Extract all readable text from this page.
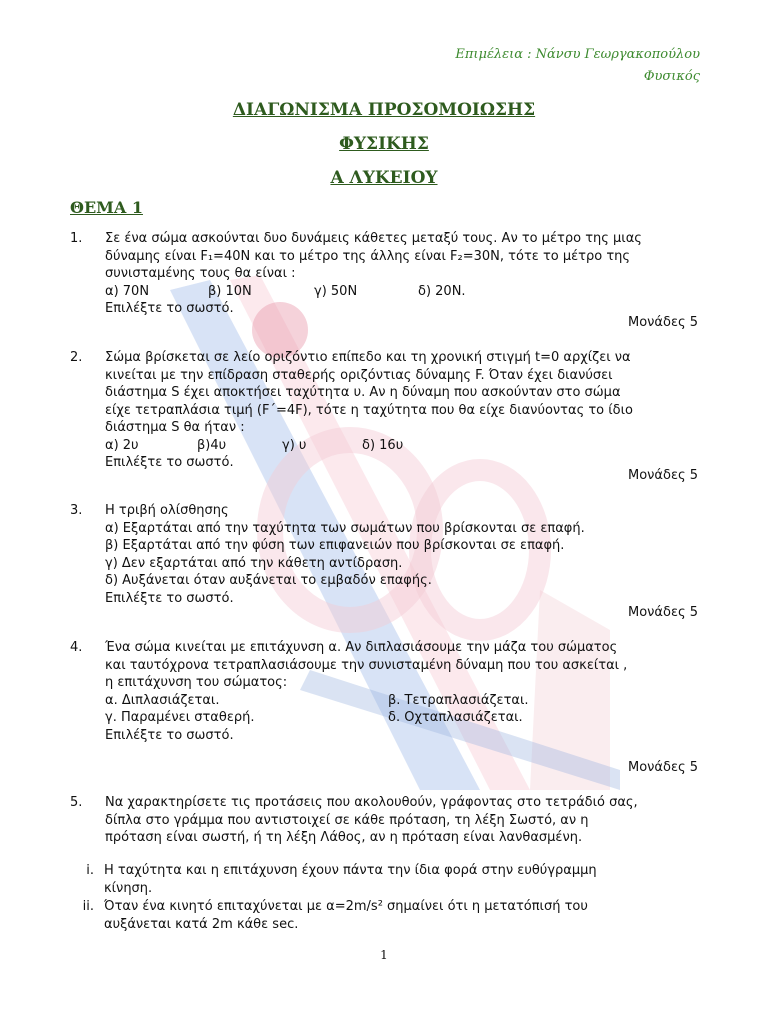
Επιμέλεια : Νάνσυ Γεωργακοπούλου
Φυσικός
ΔΙΑΓΩΝΙΣΜΑ ΠΡΟΣΟΜΟΙΩΣΗΣ
ΦΥΣΙΚΗΣ
Α ΛΥΚΕΙΟΥ
ΘΕΜΑ 1
1. Σε ένα σώμα ασκούνται δυο δυνάμεις κάθετες μεταξύ τους. Αν το μέτρο της μιας
δύναμης είναι F₁=40N και το μέτρο της άλλης είναι F₂=30N, τότε το μέτρο της
συνισταμένης τους θα είναι :
α) 70Ν	β) 10Ν	γ) 50Ν	δ) 20Ν.
Επιλέξτε το σωστό.
Μονάδες 5
2. Σώμα βρίσκεται σε λείο οριζόντιο επίπεδο και τη χρονική στιγμή t=0 αρχίζει να
κινείται με την επίδραση σταθερής οριζόντιας δύναμης F. Όταν έχει διανύσει
διάστημα S έχει αποκτήσει ταχύτητα υ. Αν η δύναμη που ασκούνταν στο σώμα
είχε τετραπλάσια τιμή (F΄=4F), τότε η ταχύτητα που θα είχε διανύοντας το ίδιο
διάστημα S θα ήταν :
α) 2υ	β)4υ	γ) υ	δ) 16υ
Επιλέξτε το σωστό.
Μονάδες 5
3. Η τριβή ολίσθησης
α) Εξαρτάται από την ταχύτητα των σωμάτων που βρίσκονται σε επαφή.
β) Εξαρτάται από την φύση των επιφανειών που βρίσκονται σε επαφή.
γ) Δεν εξαρτάται από την κάθετη αντίδραση.
δ) Αυξάνεται όταν αυξάνεται το εμβαδόν επαφής.
Επιλέξτε το σωστό.
Μονάδες 5
4. Ένα σώμα κινείται με επιτάχυνση α. Αν διπλασιάσουμε την μάζα του σώματος
και ταυτόχρονα τετραπλασιάσουμε την συνισταμένη δύναμη που του ασκείται ,
η επιτάχυνση του σώματος:
α. Διπλασιάζεται.	β. Τετραπλασιάζεται.
γ. Παραμένει σταθερή.	δ. Οχταπλασιάζεται.
Επιλέξτε το σωστό.
Μονάδες 5
5. Να χαρακτηρίσετε τις προτάσεις που ακολουθούν, γράφοντας στο τετράδιό σας,
δίπλα στο γράμμα που αντιστοιχεί σε κάθε πρόταση, τη λέξη Σωστό, αν η
πρόταση είναι σωστή, ή τη λέξη Λάθος, αν η πρόταση είναι λανθασμένη.
i. Η ταχύτητα και η επιτάχυνση έχουν πάντα την ίδια φορά στην ευθύγραμμη
κίνηση.
ii. Όταν ένα κινητό επιταχύνεται με α=2m/s² σημαίνει ότι η μετατόπισή του
αυξάνεται κατά 2m κάθε sec.
1
